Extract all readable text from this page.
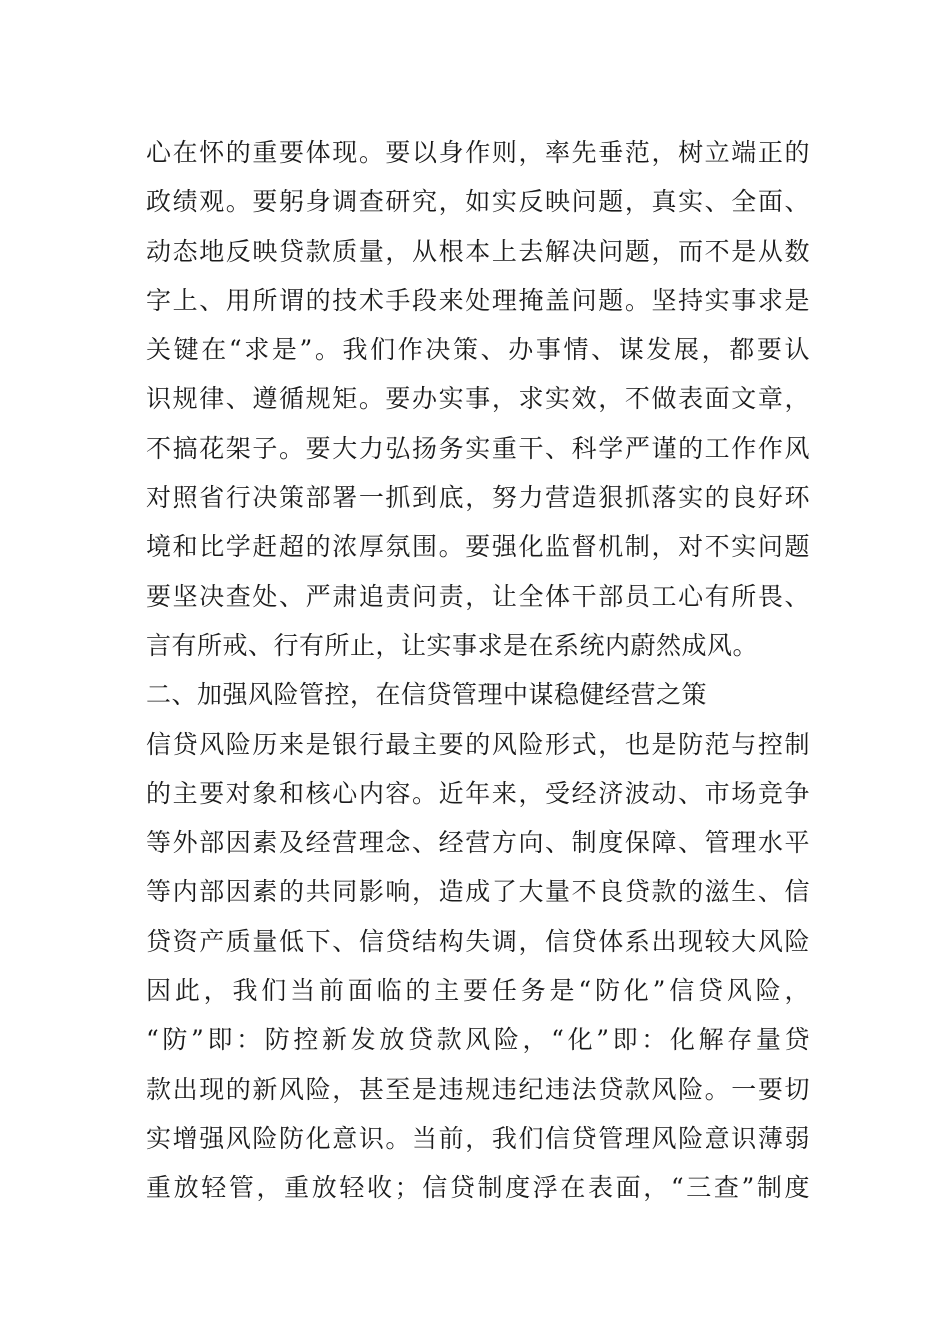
心在怀的重要体现。要以身作则，率先垂范，树立端正的
政绩观。要躬身调查研究，如实反映问题，真实、全面、
动态地反映贷款质量，从根本上去解决问题，而不是从数
字上、用所谓的技术手段来处理掩盖问题。坚持实事求是
关键在“求是”。我们作决策、办事情、谋发展，都要认
识规律、遵循规矩。要办实事，求实效，不做表面文章，
不搞花架子。要大力弘扬务实重干、科学严谨的工作作风
对照省行决策部署一抓到底，努力营造狠抓落实的良好环
境和比学赶超的浓厚氛围。要强化监督机制，对不实问题
要坚决查处、严肃追责问责，让全体干部员工心有所畏、
言有所戒、行有所止，让实事求是在系统内蔚然成风。
二、加强风险管控，在信贷管理中谋稳健经营之策
信贷风险历来是银行最主要的风险形式，也是防范与控制
的主要对象和核心内容。近年来，受经济波动、市场竞争
等外部因素及经营理念、经营方向、制度保障、管理水平
等内部因素的共同影响，造成了大量不良贷款的滋生、信
贷资产质量低下、信贷结构失调，信贷体系出现较大风险
因此，我们当前面临的主要任务是“防化”信贷风险，
“防”即：防控新发放贷款风险，“化”即：化解存量贷
款出现的新风险，甚至是违规违纪违法贷款风险。一要切
实增强风险防化意识。当前，我们信贷管理风险意识薄弱
重放轻管，重放轻收；信贷制度浮在表面，“三查”制度
